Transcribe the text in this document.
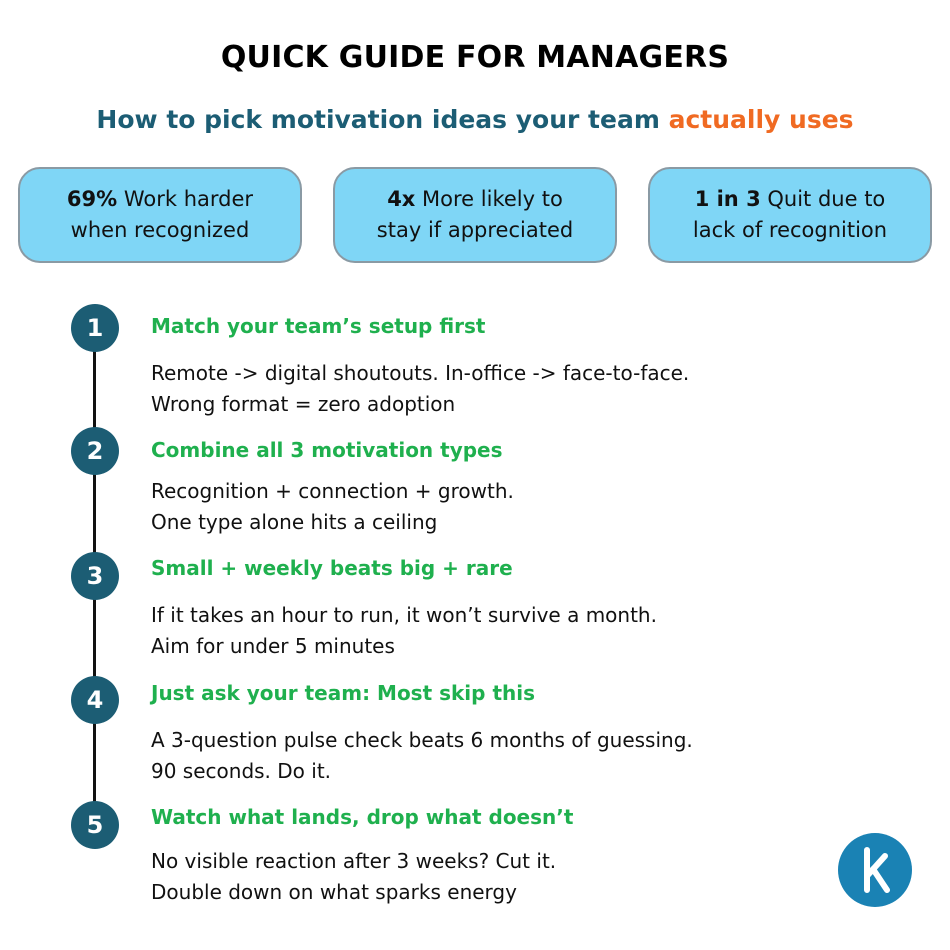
QUICK GUIDE FOR MANAGERS
How to pick motivation ideas your team actually uses
69% Work harder
when recognized
4x More likely to
stay if appreciated
1 in 3 Quit due to
lack of recognition
1	Match your team’s setup first
Remote -> digital shoutouts. In-office -> face-to-face.
Wrong format = zero adoption
2	Combine all 3 motivation types
Recognition + connection + growth.
One type alone hits a ceiling
3	Small + weekly beats big + rare
If it takes an hour to run, it won’t survive a month.
Aim for under 5 minutes
4	Just ask your team: Most skip this
A 3-question pulse check beats 6 months of guessing.
90 seconds. Do it.
5	Watch what lands, drop what doesn’t
No visible reaction after 3 weeks? Cut it.
Double down on what sparks energy
